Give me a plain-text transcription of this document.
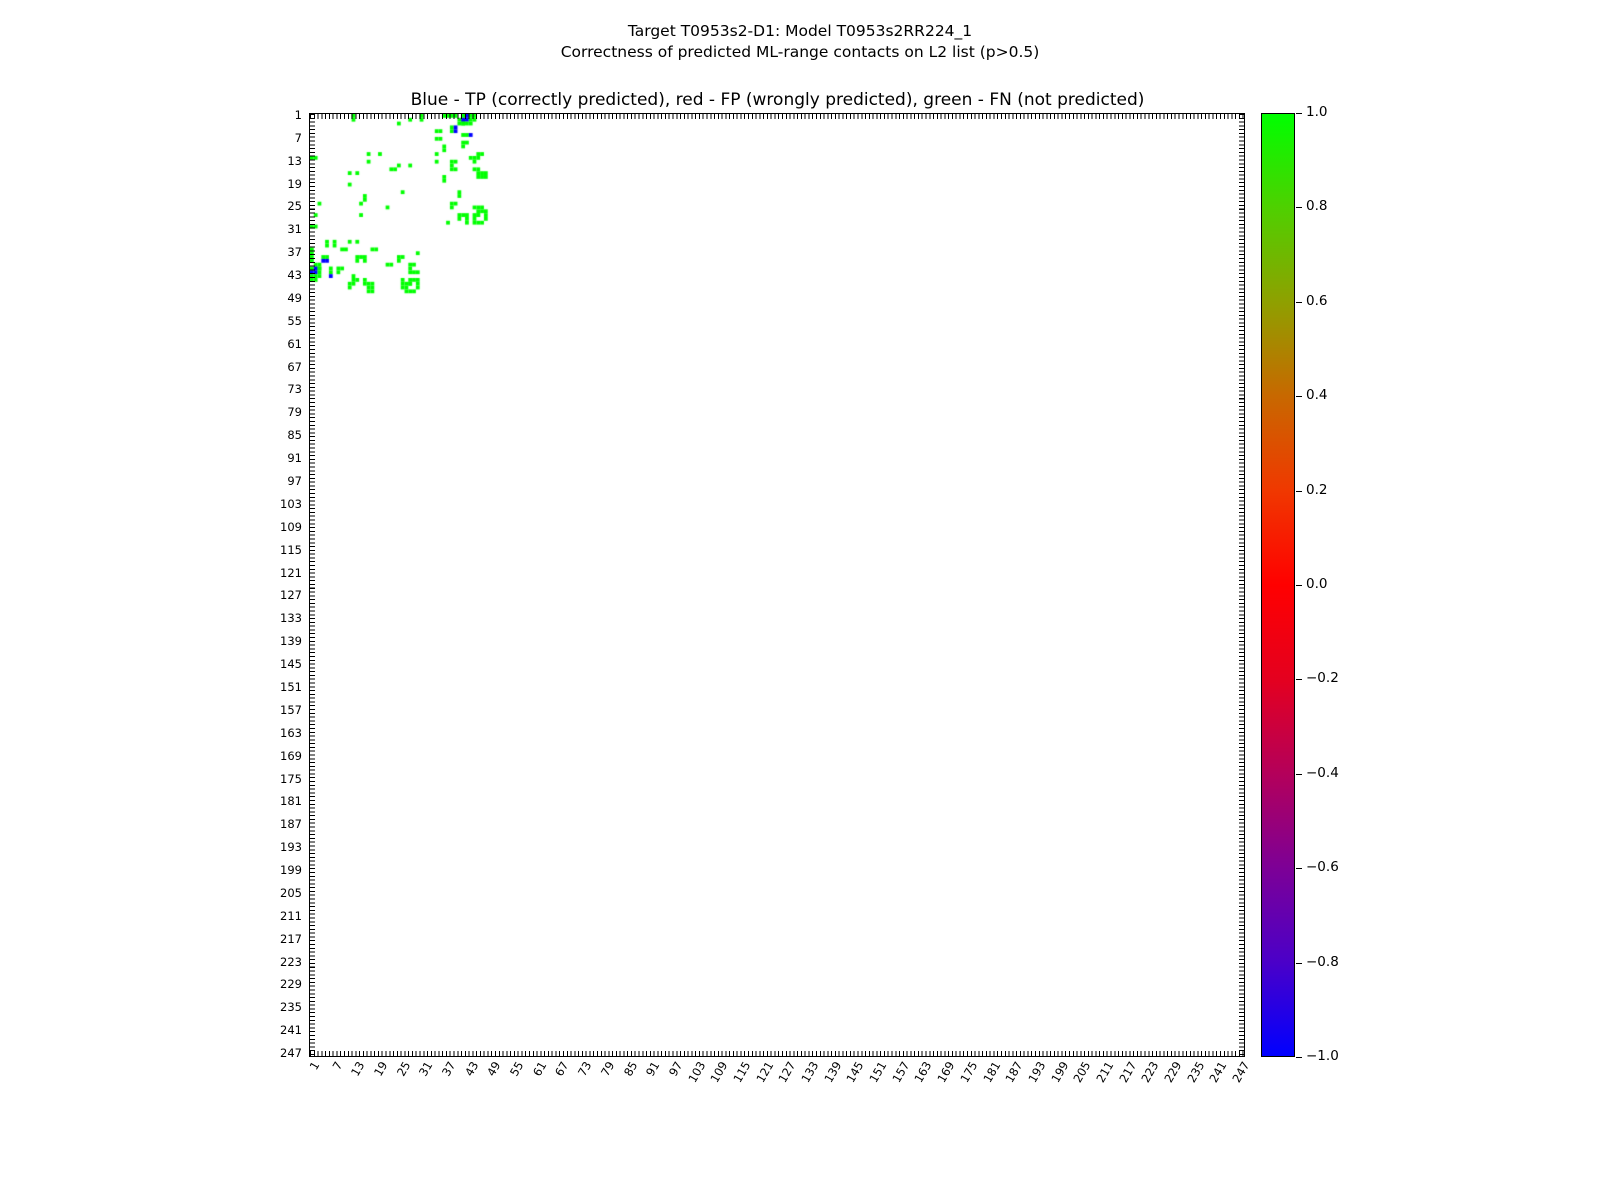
Target T0953s2-D1: Model T0953s2RR224_1
Correctness of predicted ML-range contacts on L2 list (p>0.5)
Blue - TP (correctly predicted), red - FP (wrongly predicted), green - FN (not predicted)
1
7
13
19
25
31
37
43
49
55
61
67
73
79
85
91
97
103
109
115
121
127
133
139
145
151
157
163
169
175
181
187
193
199
205
211
217
223
229
235
241
247
1 7 13 19 25 31 37 43 49 55 61 67 73 79 85 91 97 103 109 115 121 127 133 139 145 151 157 163 169 175 181 187 193 199 205 211 217 223 229 235 241 247
1.0
0.8
0.6
0.4
0.2
0.0
−0.2
−0.4
−0.6
−0.8
−1.0
